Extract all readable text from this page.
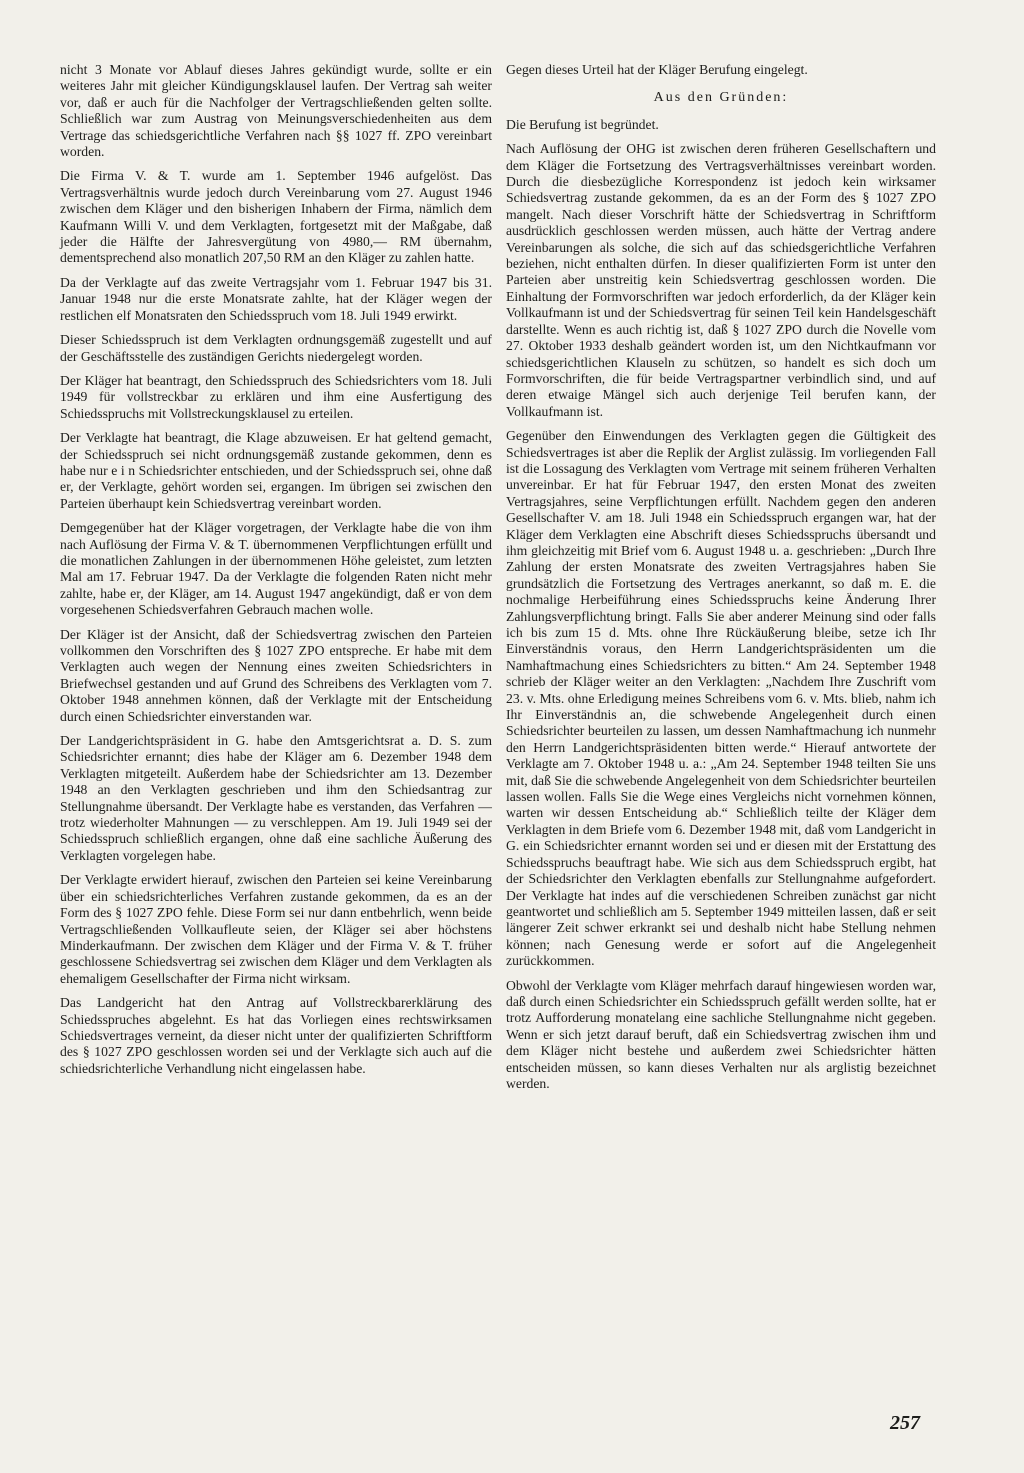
nicht 3 Monate vor Ablauf dieses Jahres gekündigt wurde, sollte er ein weiteres Jahr mit gleicher Kündigungsklausel laufen. Der Vertrag sah weiter vor, daß er auch für die Nachfolger der Vertragschließenden gelten sollte. Schließlich war zum Austrag von Meinungsverschiedenheiten aus dem Vertrage das schiedsgerichtliche Verfahren nach §§ 1027 ff. ZPO vereinbart worden.

Die Firma V. & T. wurde am 1. September 1946 aufgelöst. Das Vertragsverhältnis wurde jedoch durch Vereinbarung vom 27. August 1946 zwischen dem Kläger und den bisherigen Inhabern der Firma, nämlich dem Kaufmann Willi V. und dem Verklagten, fortgesetzt mit der Maßgabe, daß jeder die Hälfte der Jahresvergütung von 4980,— RM übernahm, dementsprechend also monatlich 207,50 RM an den Kläger zu zahlen hatte.

Da der Verklagte auf das zweite Vertragsjahr vom 1. Februar 1947 bis 31. Januar 1948 nur die erste Monatsrate zahlte, hat der Kläger wegen der restlichen elf Monatsraten den Schiedsspruch vom 18. Juli 1949 erwirkt.

Dieser Schiedsspruch ist dem Verklagten ordnungsgemäß zugestellt und auf der Geschäftsstelle des zuständigen Gerichts niedergelegt worden.

Der Kläger hat beantragt, den Schiedsspruch des Schiedsrichters vom 18. Juli 1949 für vollstreckbar zu erklären und ihm eine Ausfertigung des Schiedsspruchs mit Vollstreckungsklausel zu erteilen.

Der Verklagte hat beantragt, die Klage abzuweisen. Er hat geltend gemacht, der Schiedsspruch sei nicht ordnungsgemäß zustande gekommen, denn es habe nur e i n Schiedsrichter entschieden, und der Schiedsspruch sei, ohne daß er, der Verklagte, gehört worden sei, ergangen. Im übrigen sei zwischen den Parteien überhaupt kein Schiedsvertrag vereinbart worden.

Demgegenüber hat der Kläger vorgetragen, der Verklagte habe die von ihm nach Auflösung der Firma V. & T. übernommenen Verpflichtungen erfüllt und die monatlichen Zahlungen in der übernommenen Höhe geleistet, zum letzten Mal am 17. Februar 1947. Da der Verklagte die folgenden Raten nicht mehr zahlte, habe er, der Kläger, am 14. August 1947 angekündigt, daß er von dem vorgesehenen Schiedsverfahren Gebrauch machen wolle.

Der Kläger ist der Ansicht, daß der Schiedsvertrag zwischen den Parteien vollkommen den Vorschriften des § 1027 ZPO entspreche. Er habe mit dem Verklagten auch wegen der Nennung eines zweiten Schiedsrichters in Briefwechsel gestanden und auf Grund des Schreibens des Verklagten vom 7. Oktober 1948 annehmen können, daß der Verklagte mit der Entscheidung durch einen Schiedsrichter einverstanden war.

Der Landgerichtspräsident in G. habe den Amtsgerichtsrat a. D. S. zum Schiedsrichter ernannt; dies habe der Kläger am 6. Dezember 1948 dem Verklagten mitgeteilt. Außerdem habe der Schiedsrichter am 13. Dezember 1948 an den Verklagten geschrieben und ihm den Schiedsantrag zur Stellungnahme übersandt. Der Verklagte habe es verstanden, das Verfahren — trotz wiederholter Mahnungen — zu verschleppen. Am 19. Juli 1949 sei der Schiedsspruch schließlich ergangen, ohne daß eine sachliche Äußerung des Verklagten vorgelegen habe.

Der Verklagte erwidert hierauf, zwischen den Parteien sei keine Vereinbarung über ein schiedsrichterliches Verfahren zustande gekommen, da es an der Form des § 1027 ZPO fehle. Diese Form sei nur dann entbehrlich, wenn beide Vertragschließenden Vollkaufleute seien, der Kläger sei aber höchstens Minderkaufmann. Der zwischen dem Kläger und der Firma V. & T. früher geschlossene Schiedsvertrag sei zwischen dem Kläger und dem Verklagten als ehemaligem Gesellschafter der Firma nicht wirksam.

Das Landgericht hat den Antrag auf Vollstreckbarerklärung des Schiedsspruches abgelehnt. Es hat das Vorliegen eines rechtswirksamen Schiedsvertrages verneint, da dieser nicht unter der qualifizierten Schriftform des § 1027 ZPO geschlossen worden sei und der Verklagte sich auch auf die schiedsrichterliche Verhandlung nicht eingelassen habe.

Gegen dieses Urteil hat der Kläger Berufung eingelegt.

Aus den Gründen:

Die Berufung ist begründet.

Nach Auflösung der OHG ist zwischen deren früheren Gesellschaftern und dem Kläger die Fortsetzung des Vertragsverhältnisses vereinbart worden. Durch die diesbezügliche Korrespondenz ist jedoch kein wirksamer Schiedsvertrag zustande gekommen, da es an der Form des § 1027 ZPO mangelt. Nach dieser Vorschrift hätte der Schiedsvertrag in Schriftform ausdrücklich geschlossen werden müssen, auch hätte der Vertrag andere Vereinbarungen als solche, die sich auf das schiedsgerichtliche Verfahren beziehen, nicht enthalten dürfen. In dieser qualifizierten Form ist unter den Parteien aber unstreitig kein Schiedsvertrag geschlossen worden. Die Einhaltung der Formvorschriften war jedoch erforderlich, da der Kläger kein Vollkaufmann ist und der Schiedsvertrag für seinen Teil kein Handelsgeschäft darstellte. Wenn es auch richtig ist, daß § 1027 ZPO durch die Novelle vom 27. Oktober 1933 deshalb geändert worden ist, um den Nichtkaufmann vor schiedsgerichtlichen Klauseln zu schützen, so handelt es sich doch um Formvorschriften, die für beide Vertragspartner verbindlich sind, und auf deren etwaige Mängel sich auch derjenige Teil berufen kann, der Vollkaufmann ist.

Gegenüber den Einwendungen des Verklagten gegen die Gültigkeit des Schiedsvertrages ist aber die Replik der Arglist zulässig. Im vorliegenden Fall ist die Lossagung des Verklagten vom Vertrage mit seinem früheren Verhalten unvereinbar. Er hat für Februar 1947, den ersten Monat des zweiten Vertragsjahres, seine Verpflichtungen erfüllt. Nachdem gegen den anderen Gesellschafter V. am 18. Juli 1948 ein Schiedsspruch ergangen war, hat der Kläger dem Verklagten eine Abschrift dieses Schiedsspruchs übersandt und ihm gleichzeitig mit Brief vom 6. August 1948 u. a. geschrieben: „Durch Ihre Zahlung der ersten Monatsrate des zweiten Vertragsjahres haben Sie grundsätzlich die Fortsetzung des Vertrages anerkannt, so daß m. E. die nochmalige Herbeiführung eines Schiedsspruchs keine Änderung Ihrer Zahlungsverpflichtung bringt. Falls Sie aber anderer Meinung sind oder falls ich bis zum 15 d. Mts. ohne Ihre Rückäußerung bleibe, setze ich Ihr Einverständnis voraus, den Herrn Landgerichtspräsidenten um die Namhaftmachung eines Schiedsrichters zu bitten.“ Am 24. September 1948 schrieb der Kläger weiter an den Verklagten: „Nachdem Ihre Zuschrift vom 23. v. Mts. ohne Erledigung meines Schreibens vom 6. v. Mts. blieb, nahm ich Ihr Einverständnis an, die schwebende Angelegenheit durch einen Schiedsrichter beurteilen zu lassen, um dessen Namhaftmachung ich nunmehr den Herrn Landgerichtspräsidenten bitten werde.“ Hierauf antwortete der Verklagte am 7. Oktober 1948 u. a.: „Am 24. September 1948 teilten Sie uns mit, daß Sie die schwebende Angelegenheit von dem Schiedsrichter beurteilen lassen wollen. Falls Sie die Wege eines Vergleichs nicht vornehmen können, warten wir dessen Entscheidung ab.“ Schließlich teilte der Kläger dem Verklagten in dem Briefe vom 6. Dezember 1948 mit, daß vom Landgericht in G. ein Schiedsrichter ernannt worden sei und er diesen mit der Erstattung des Schiedsspruchs beauftragt habe. Wie sich aus dem Schiedsspruch ergibt, hat der Schiedsrichter den Verklagten ebenfalls zur Stellungnahme aufgefordert. Der Verklagte hat indes auf die verschiedenen Schreiben zunächst gar nicht geantwortet und schließlich am 5. September 1949 mitteilen lassen, daß er seit längerer Zeit schwer erkrankt sei und deshalb nicht habe Stellung nehmen können; nach Genesung werde er sofort auf die Angelegenheit zurückkommen.

Obwohl der Verklagte vom Kläger mehrfach darauf hingewiesen worden war, daß durch einen Schiedsrichter ein Schiedsspruch gefällt werden sollte, hat er trotz Aufforderung monatelang eine sachliche Stellungnahme nicht gegeben. Wenn er sich jetzt darauf beruft, daß ein Schiedsvertrag zwischen ihm und dem Kläger nicht bestehe und außerdem zwei Schiedsrichter hätten entscheiden müssen, so kann dieses Verhalten nur als arglistig bezeichnet werden.

257
